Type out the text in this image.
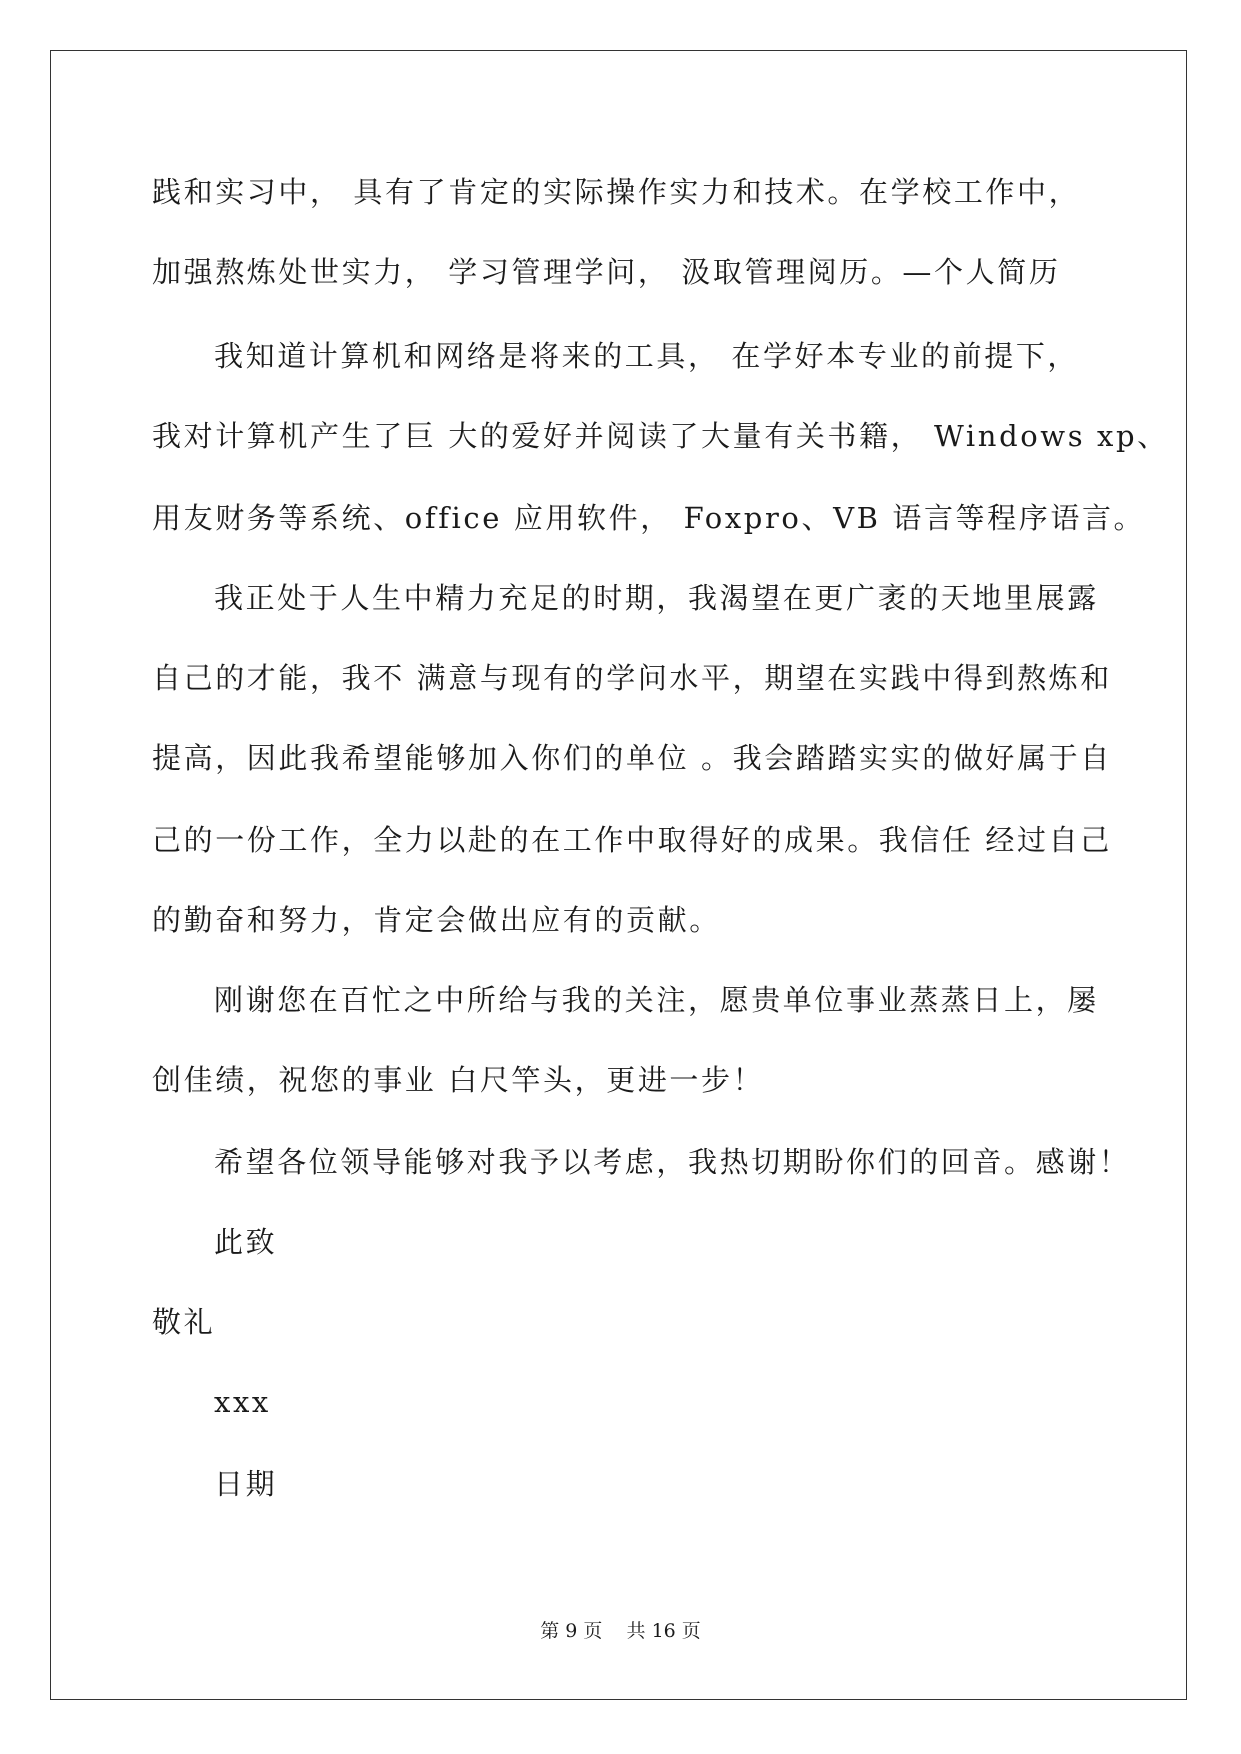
践和实习中， 具有了肯定的实际操作实力和技术。在学校工作中，
加强熬炼处世实力， 学习管理学问， 汲取管理阅历。—个人简历
我知道计算机和网络是将来的工具， 在学好本专业的前提下，
我对计算机产生了巨 大的爱好并阅读了大量有关书籍， Windows xp、
用友财务等系统、office 应用软件， Foxpro、VB 语言等程序语言。
我正处于人生中精力充足的时期，我渴望在更广袤的天地里展露
自己的才能，我不 满意与现有的学问水平，期望在实践中得到熬炼和
提高，因此我希望能够加入你们的单位 。我会踏踏实实的做好属于自
己的一份工作，全力以赴的在工作中取得好的成果。我信任 经过自己
的勤奋和努力，肯定会做出应有的贡献。
刚谢您在百忙之中所给与我的关注，愿贵单位事业蒸蒸日上，屡
创佳绩，祝您的事业 白尺竿头，更进一步！
希望各位领导能够对我予以考虑，我热切期盼你们的回音。感谢！
此致
敬礼
xxx
日期
第 9 页    共 16 页
